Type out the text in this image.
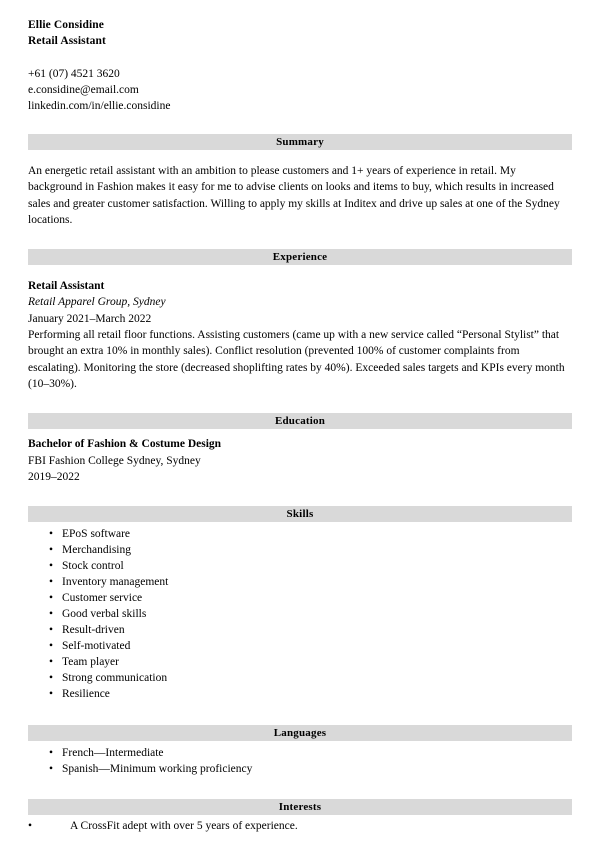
Ellie Considine
Retail Assistant
+61 (07) 4521 3620
e.considine@email.com
linkedin.com/in/ellie.considine
Summary
An energetic retail assistant with an ambition to please customers and 1+ years of experience in retail. My background in Fashion makes it easy for me to advise clients on looks and items to buy, which results in increased sales and greater customer satisfaction. Willing to apply my skills at Inditex and drive up sales at one of the Sydney locations.
Experience
Retail Assistant
Retail Apparel Group, Sydney
January 2021–March 2022
Performing all retail floor functions. Assisting customers (came up with a new service called “Personal Stylist” that brought an extra 10% in monthly sales). Conflict resolution (prevented 100% of customer complaints from escalating). Monitoring the store (decreased shoplifting rates by 40%). Exceeded sales targets and KPIs every month (10–30%).
Education
Bachelor of Fashion & Costume Design
FBI Fashion College Sydney, Sydney
2019–2022
Skills
• EPoS software
• Merchandising
• Stock control
• Inventory management
• Customer service
• Good verbal skills
• Result-driven
• Self-motivated
• Team player
• Strong communication
• Resilience
Languages
• French—Intermediate
• Spanish—Minimum working proficiency
Interests
•	A CrossFit adept with over 5 years of experience.
